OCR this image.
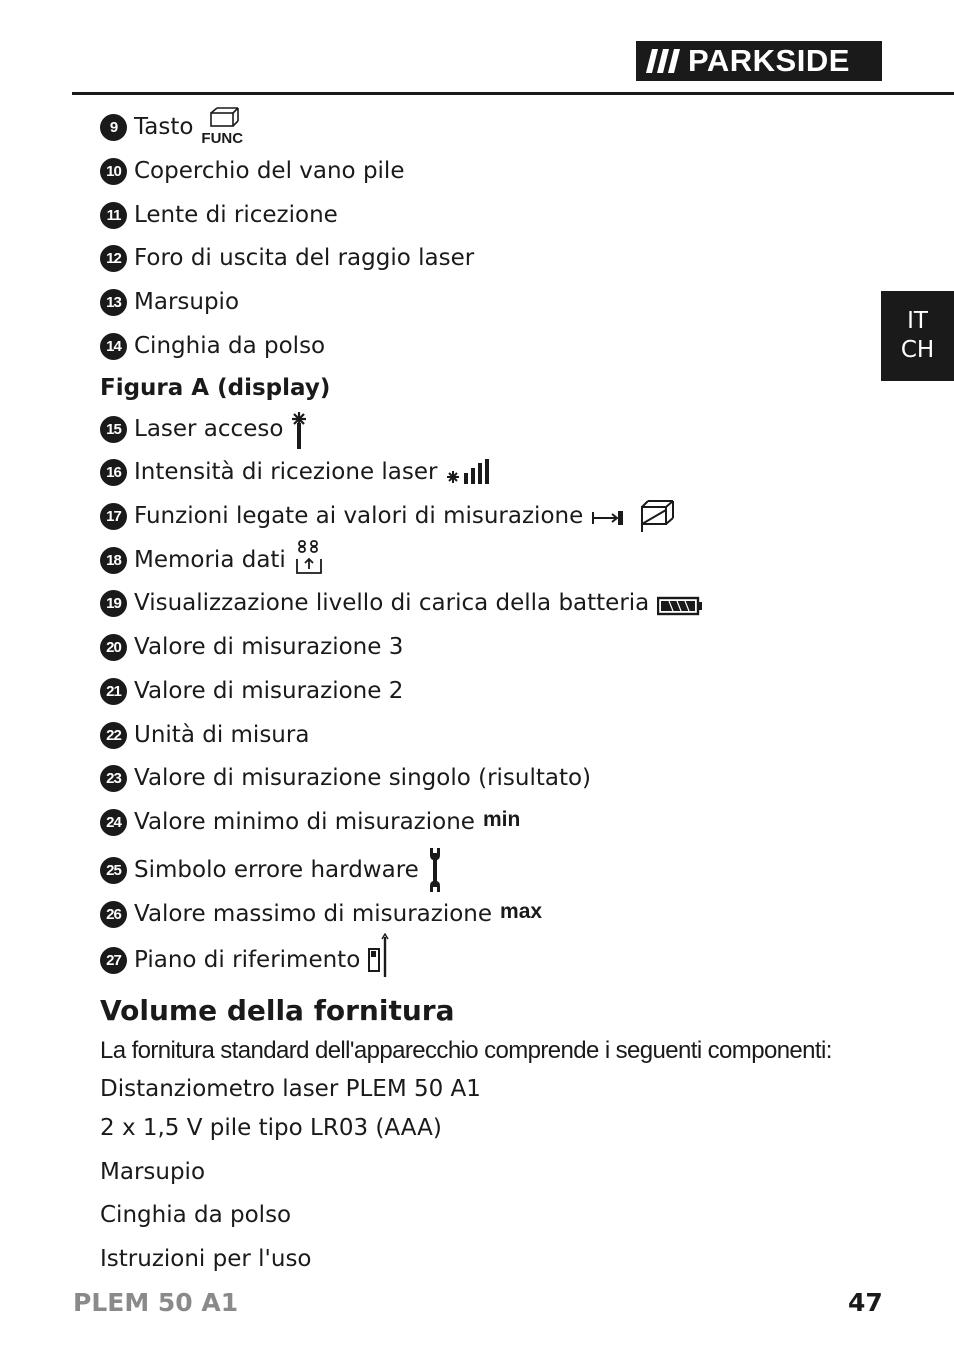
PARKSIDE
IT
CH
9 Tasto FUNC
10 Coperchio del vano pile
11 Lente di ricezione
12 Foro di uscita del raggio laser
13 Marsupio
14 Cinghia da polso
Figura A (display)
15 Laser acceso
16 Intensità di ricezione laser
17 Funzioni legate ai valori di misurazione
18 Memoria dati
19 Visualizzazione livello di carica della batteria
20 Valore di misurazione 3
21 Valore di misurazione 2
22 Unità di misura
23 Valore di misurazione singolo (risultato)
24 Valore minimo di misurazione min
25 Simbolo errore hardware
26 Valore massimo di misurazione max
27 Piano di riferimento
Volume della fornitura
La fornitura standard dell'apparecchio comprende i seguenti componenti:
Distanziometro laser PLEM 50 A1
2 x 1,5 V pile tipo LR03 (AAA)
Marsupio
Cinghia da polso
Istruzioni per l'uso
PLEM 50 A1	47
